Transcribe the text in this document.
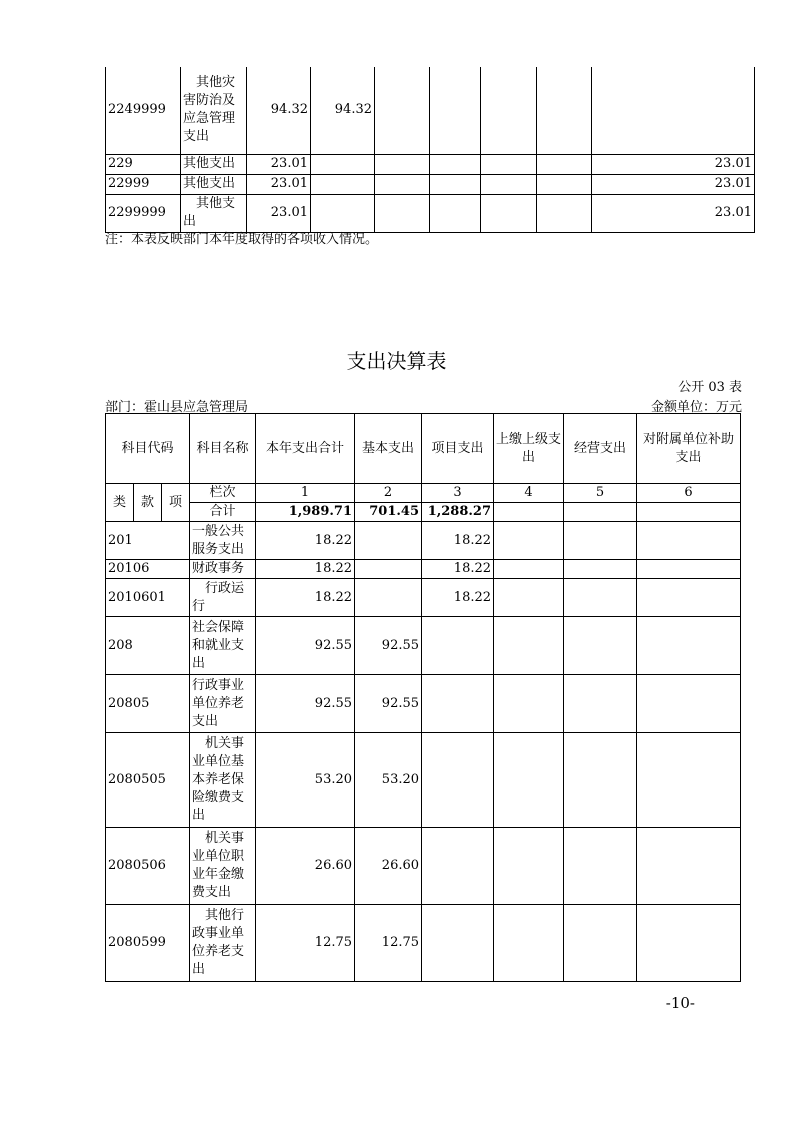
2249999	其他灾害防治及应急管理支出	94.32	94.32					
229	其他支出	23.01						23.01
22999	其他支出	23.01						23.01
2299999	其他支出	23.01						23.01
注：本表反映部门本年度取得的各项收入情况。
支出决算表
公开 03 表
部门：霍山县应急管理局	金额单位：万元
科目代码			科目名称	本年支出合计	基本支出	项目支出	上缴上级支出	经营支出	对附属单位补助支出
类	款	项	栏次	1	2	3	4	5	6
			合计	1,989.71	701.45	1,288.27			
201			一般公共服务支出	18.22		18.22			
20106			财政事务	18.22		18.22			
2010601			行政运行	18.22		18.22			
208			社会保障和就业支出	92.55	92.55				
20805			行政事业单位养老支出	92.55	92.55				
2080505			机关事业单位基本养老保险缴费支出	53.20	53.20				
2080506			机关事业单位职业年金缴费支出	26.60	26.60				
2080599			其他行政事业单位养老支出	12.75	12.75				
-10-
